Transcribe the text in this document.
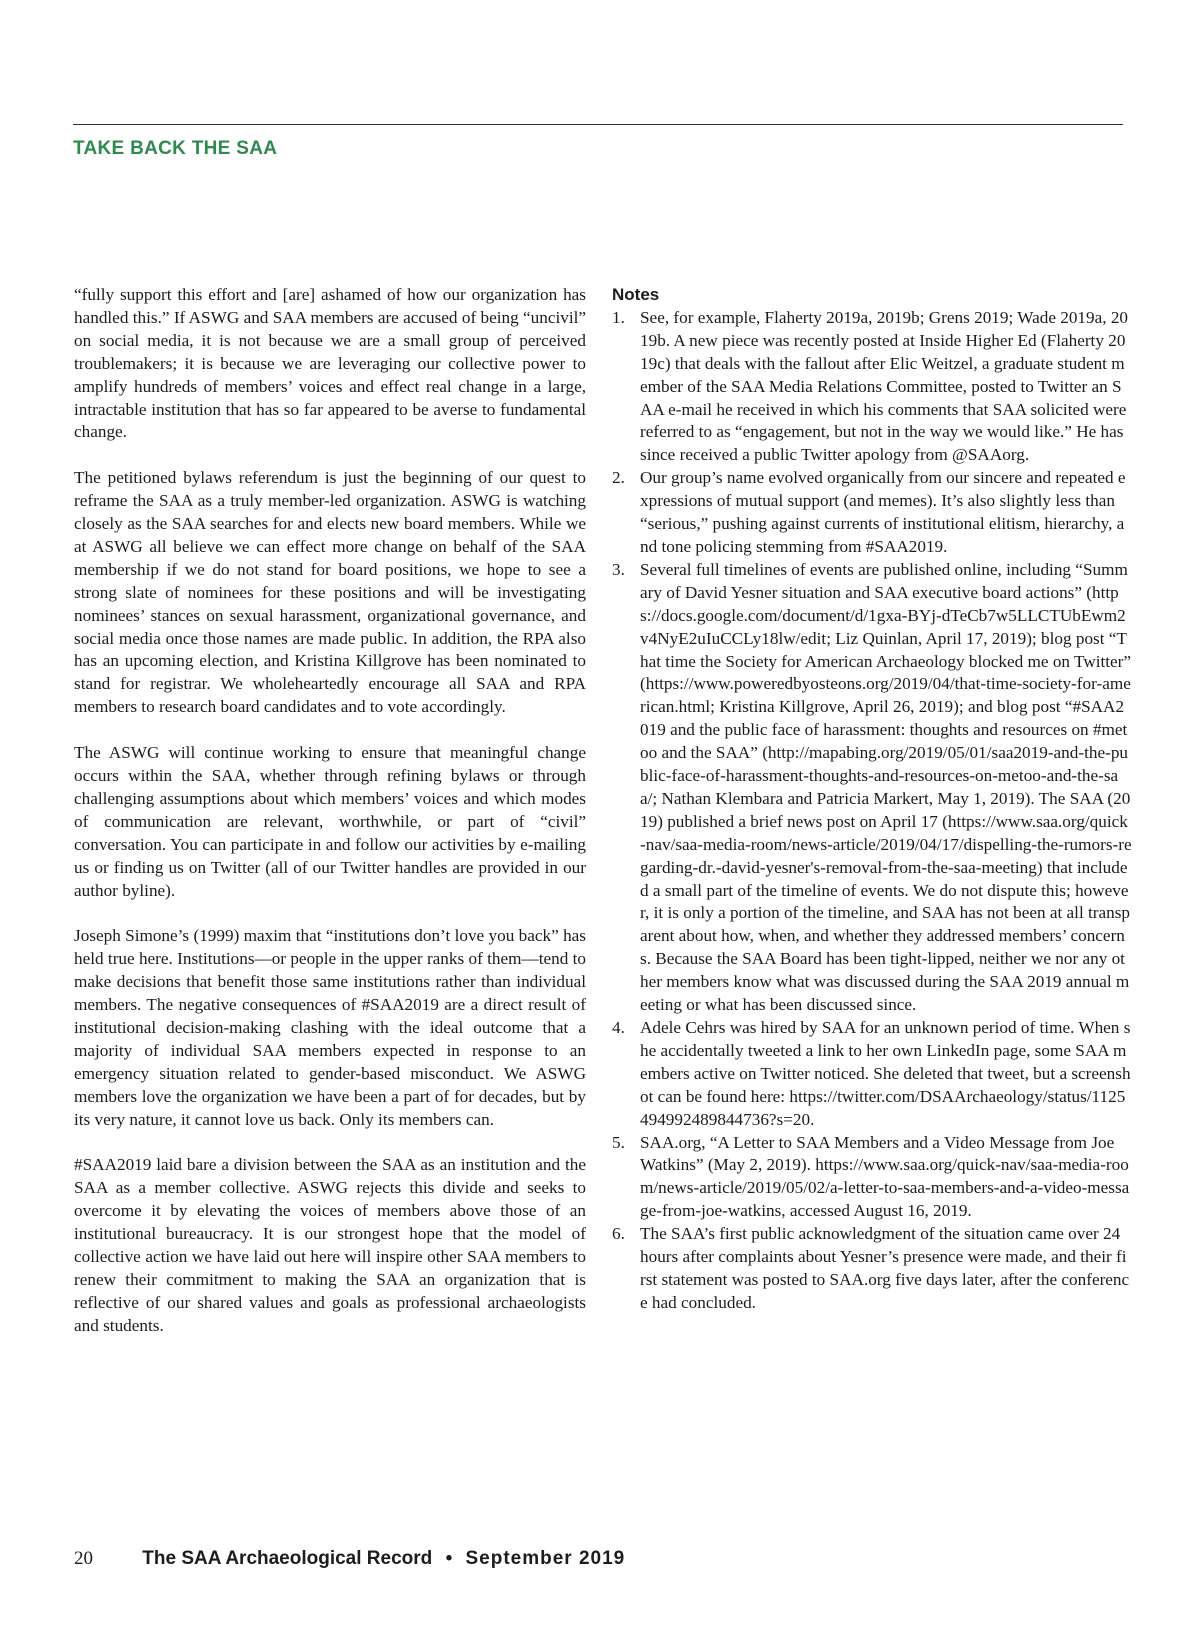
TAKE BACK THE SAA

“fully support this effort and [are] ashamed of how our organization has handled this.” If ASWG and SAA members are accused of being “uncivil” on social media, it is not because we are a small group of perceived troublemakers; it is because we are leveraging our collective power to amplify hundreds of members’ voices and effect real change in a large, intractable institution that has so far appeared to be averse to fundamental change.

The petitioned bylaws referendum is just the beginning of our quest to reframe the SAA as a truly member-led organization. ASWG is watching closely as the SAA searches for and elects new board members. While we at ASWG all believe we can effect more change on behalf of the SAA membership if we do not stand for board positions, we hope to see a strong slate of nominees for these positions and will be investigating nominees’ stances on sexual harassment, organizational governance, and social media once those names are made public. In addition, the RPA also has an upcoming election, and Kristina Killgrove has been nominated to stand for registrar. We wholeheartedly encourage all SAA and RPA members to research board candidates and to vote accordingly.

The ASWG will continue working to ensure that meaningful change occurs within the SAA, whether through refining bylaws or through challenging assumptions about which members’ voices and which modes of communication are relevant, worthwhile, or part of “civil” conversation. You can participate in and follow our activities by e-mailing us or finding us on Twitter (all of our Twitter handles are provided in our author byline).

Joseph Simone’s (1999) maxim that “institutions don’t love you back” has held true here. Institutions—or people in the upper ranks of them—tend to make decisions that benefit those same institutions rather than individual members. The negative consequences of #SAA2019 are a direct result of institutional decision-making clashing with the ideal outcome that a majority of individual SAA members expected in response to an emergency situation related to gender-based misconduct. We ASWG members love the organization we have been a part of for decades, but by its very nature, it cannot love us back. Only its members can.

#SAA2019 laid bare a division between the SAA as an institution and the SAA as a member collective. ASWG rejects this divide and seeks to overcome it by elevating the voices of members above those of an institutional bureaucracy. It is our strongest hope that the model of collective action we have laid out here will inspire other SAA members to renew their commitment to making the SAA an organization that is reflective of our shared values and goals as professional archaeologists and students.

Notes
1. See, for example, Flaherty 2019a, 2019b; Grens 2019; Wade 2019a, 2019b. A new piece was recently posted at Inside Higher Ed (Flaherty 2019c) that deals with the fallout after Elic Weitzel, a graduate student member of the SAA Media Relations Committee, posted to Twitter an SAA e-mail he received in which his comments that SAA solicited were referred to as “engagement, but not in the way we would like.” He has since received a public Twitter apology from @SAAorg.
2. Our group’s name evolved organically from our sincere and repeated expressions of mutual support (and memes). It’s also slightly less than “serious,” pushing against currents of institutional elitism, hierarchy, and tone policing stemming from #SAA2019.
3. Several full timelines of events are published online, including “Summary of David Yesner situation and SAA executive board actions” (https://docs.google.com/document/d/1gxa-BYj-dTeCb7w5LLCTUbEwm2v4NyE2uIuCCLy18lw/edit; Liz Quinlan, April 17, 2019); blog post “That time the Society for American Archaeology blocked me on Twitter” (https://www.poweredbyosteons.org/2019/04/that-time-society-for-american.html; Kristina Killgrove, April 26, 2019); and blog post “#SAA2019 and the public face of harassment: thoughts and resources on #metoo and the SAA” (http://mapabing.org/2019/05/01/saa2019-and-the-public-face-of-harassment-thoughts-and-resources-on-metoo-and-the-saa/; Nathan Klembara and Patricia Markert, May 1, 2019). The SAA (2019) published a brief news post on April 17 (https://www.saa.org/quick-nav/saa-media-room/news-article/2019/04/17/dispelling-the-rumors-regarding-dr.-david-yesner's-removal-from-the-saa-meeting) that included a small part of the timeline of events. We do not dispute this; however, it is only a portion of the timeline, and SAA has not been at all transparent about how, when, and whether they addressed members’ concerns. Because the SAA Board has been tight-lipped, neither we nor any other members know what was discussed during the SAA 2019 annual meeting or what has been discussed since.
4. Adele Cehrs was hired by SAA for an unknown period of time. When she accidentally tweeted a link to her own LinkedIn page, some SAA members active on Twitter noticed. She deleted that tweet, but a screenshot can be found here: https://twitter.com/DSAArchaeology/status/1125494992489844736?s=20.
5. SAA.org, “A Letter to SAA Members and a Video Message from Joe Watkins” (May 2, 2019). https://www.saa.org/quick-nav/saa-media-room/news-article/2019/05/02/a-letter-to-saa-members-and-a-video-message-from-joe-watkins, accessed August 16, 2019.
6. The SAA’s first public acknowledgment of the situation came over 24 hours after complaints about Yesner’s presence were made, and their first statement was posted to SAA.org five days later, after the conference had concluded.
20	The SAA Archaeological Record • September 2019
